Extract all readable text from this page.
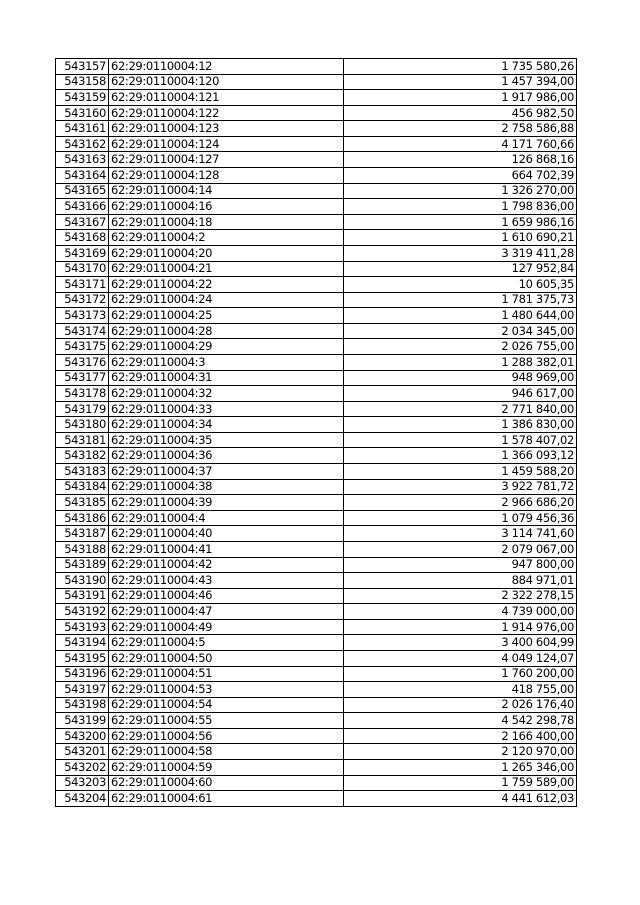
543157	62:29:0110004:12	1 735 580,26
543158	62:29:0110004:120	1 457 394,00
543159	62:29:0110004:121	1 917 986,00
543160	62:29:0110004:122	456 982,50
543161	62:29:0110004:123	2 758 586,88
543162	62:29:0110004:124	4 171 760,66
543163	62:29:0110004:127	126 868,16
543164	62:29:0110004:128	664 702,39
543165	62:29:0110004:14	1 326 270,00
543166	62:29:0110004:16	1 798 836,00
543167	62:29:0110004:18	1 659 986,16
543168	62:29:0110004:2	1 610 690,21
543169	62:29:0110004:20	3 319 411,28
543170	62:29:0110004:21	127 952,84
543171	62:29:0110004:22	10 605,35
543172	62:29:0110004:24	1 781 375,73
543173	62:29:0110004:25	1 480 644,00
543174	62:29:0110004:28	2 034 345,00
543175	62:29:0110004:29	2 026 755,00
543176	62:29:0110004:3	1 288 382,01
543177	62:29:0110004:31	948 969,00
543178	62:29:0110004:32	946 617,00
543179	62:29:0110004:33	2 771 840,00
543180	62:29:0110004:34	1 386 830,00
543181	62:29:0110004:35	1 578 407,02
543182	62:29:0110004:36	1 366 093,12
543183	62:29:0110004:37	1 459 588,20
543184	62:29:0110004:38	3 922 781,72
543185	62:29:0110004:39	2 966 686,20
543186	62:29:0110004:4	1 079 456,36
543187	62:29:0110004:40	3 114 741,60
543188	62:29:0110004:41	2 079 067,00
543189	62:29:0110004:42	947 800,00
543190	62:29:0110004:43	884 971,01
543191	62:29:0110004:46	2 322 278,15
543192	62:29:0110004:47	4 739 000,00
543193	62:29:0110004:49	1 914 976,00
543194	62:29:0110004:5	3 400 604,99
543195	62:29:0110004:50	4 049 124,07
543196	62:29:0110004:51	1 760 200,00
543197	62:29:0110004:53	418 755,00
543198	62:29:0110004:54	2 026 176,40
543199	62:29:0110004:55	4 542 298,78
543200	62:29:0110004:56	2 166 400,00
543201	62:29:0110004:58	2 120 970,00
543202	62:29:0110004:59	1 265 346,00
543203	62:29:0110004:60	1 759 589,00
543204	62:29:0110004:61	4 441 612,03
